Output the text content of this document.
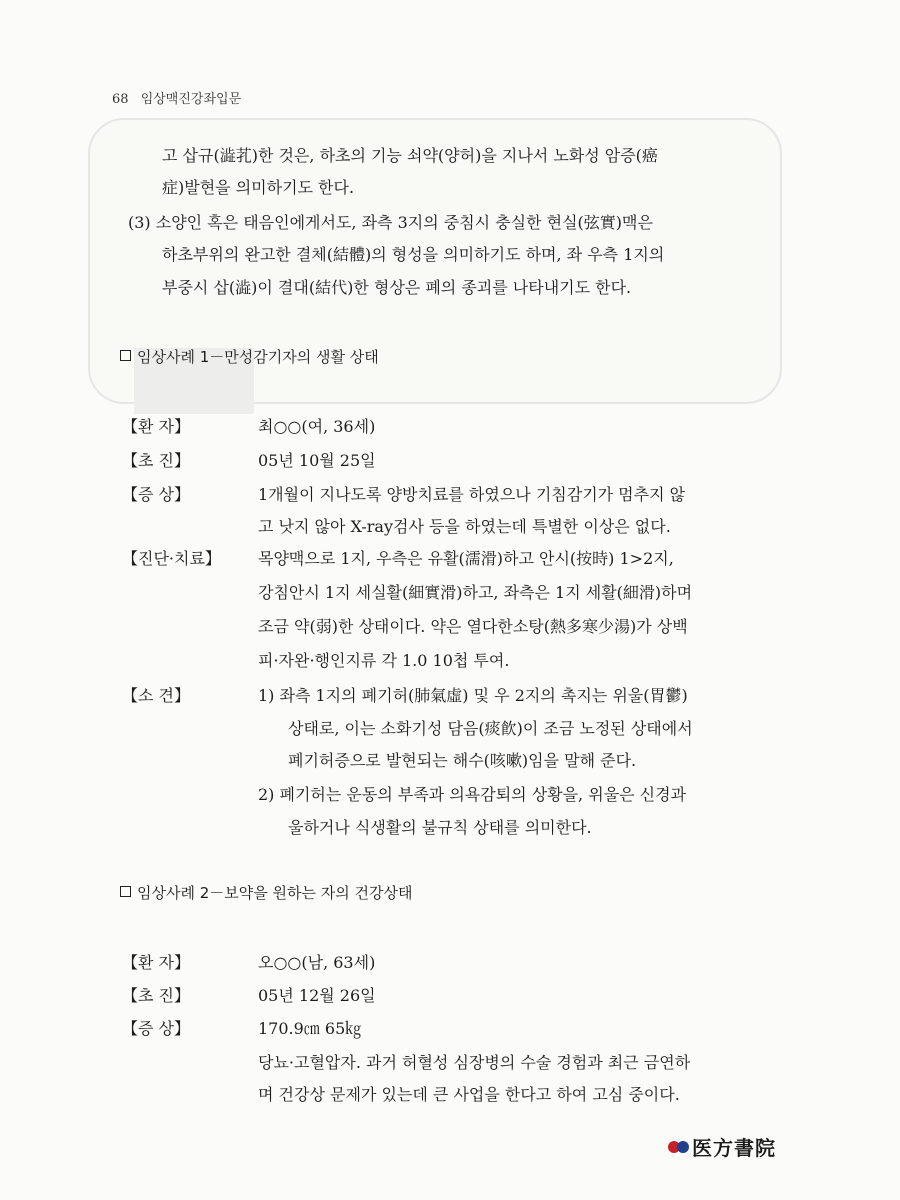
68 임상맥진강좌입문
고 삽규(澁芤)한 것은, 하초의 기능 쇠약(양허)을 지나서 노화성 암증(癌
症)발현을 의미하기도 한다.
(3) 소양인 혹은 태음인에게서도, 좌측 3지의 중침시 충실한 현실(弦實)맥은
하초부위의 완고한 결체(結體)의 형성을 의미하기도 하며, 좌 우측 1지의
부중시 삽(澁)이 결대(結代)한 형상은 폐의 종괴를 나타내기도 한다.
임상사례 1－만성감기자의 생활 상태
【환 자】	최○○(여, 36세)
【초 진】	05년 10월 25일
【증 상】	1개월이 지나도록 양방치료를 하였으나 기침감기가 멈추지 않
고 낫지 않아 X-ray검사 등을 하였는데 특별한 이상은 없다.
【진단·치료】 목양맥으로 1지, 우측은 유활(濡滑)하고 안시(按時) 1>2지,
강침안시 1지 세실활(細實滑)하고, 좌측은 1지 세활(細滑)하며
조금 약(弱)한 상태이다. 약은 열다한소탕(熱多寒少湯)가 상백
피·자완·행인지류 각 1.0 10첩 투여.
【소 견】	1) 좌측 1지의 폐기허(肺氣虛) 및 우 2지의 촉지는 위울(胃鬱)
상태로, 이는 소화기성 담음(痰飮)이 조금 노정된 상태에서
폐기허증으로 발현되는 해수(咳嗽)임을 말해 준다.
2) 폐기허는 운동의 부족과 의욕감퇴의 상황을, 위울은 신경과
울하거나 식생활의 불규칙 상태를 의미한다.
임상사례 2－보약을 원하는 자의 건강상태
【환 자】	오○○(남, 63세)
【초 진】	05년 12월 26일
【증 상】	170.9㎝ 65㎏
당뇨·고혈압자. 과거 허혈성 심장병의 수술 경험과 최근 금연하
며 건강상 문제가 있는데 큰 사업을 한다고 하여 고심 중이다.
医方書院
